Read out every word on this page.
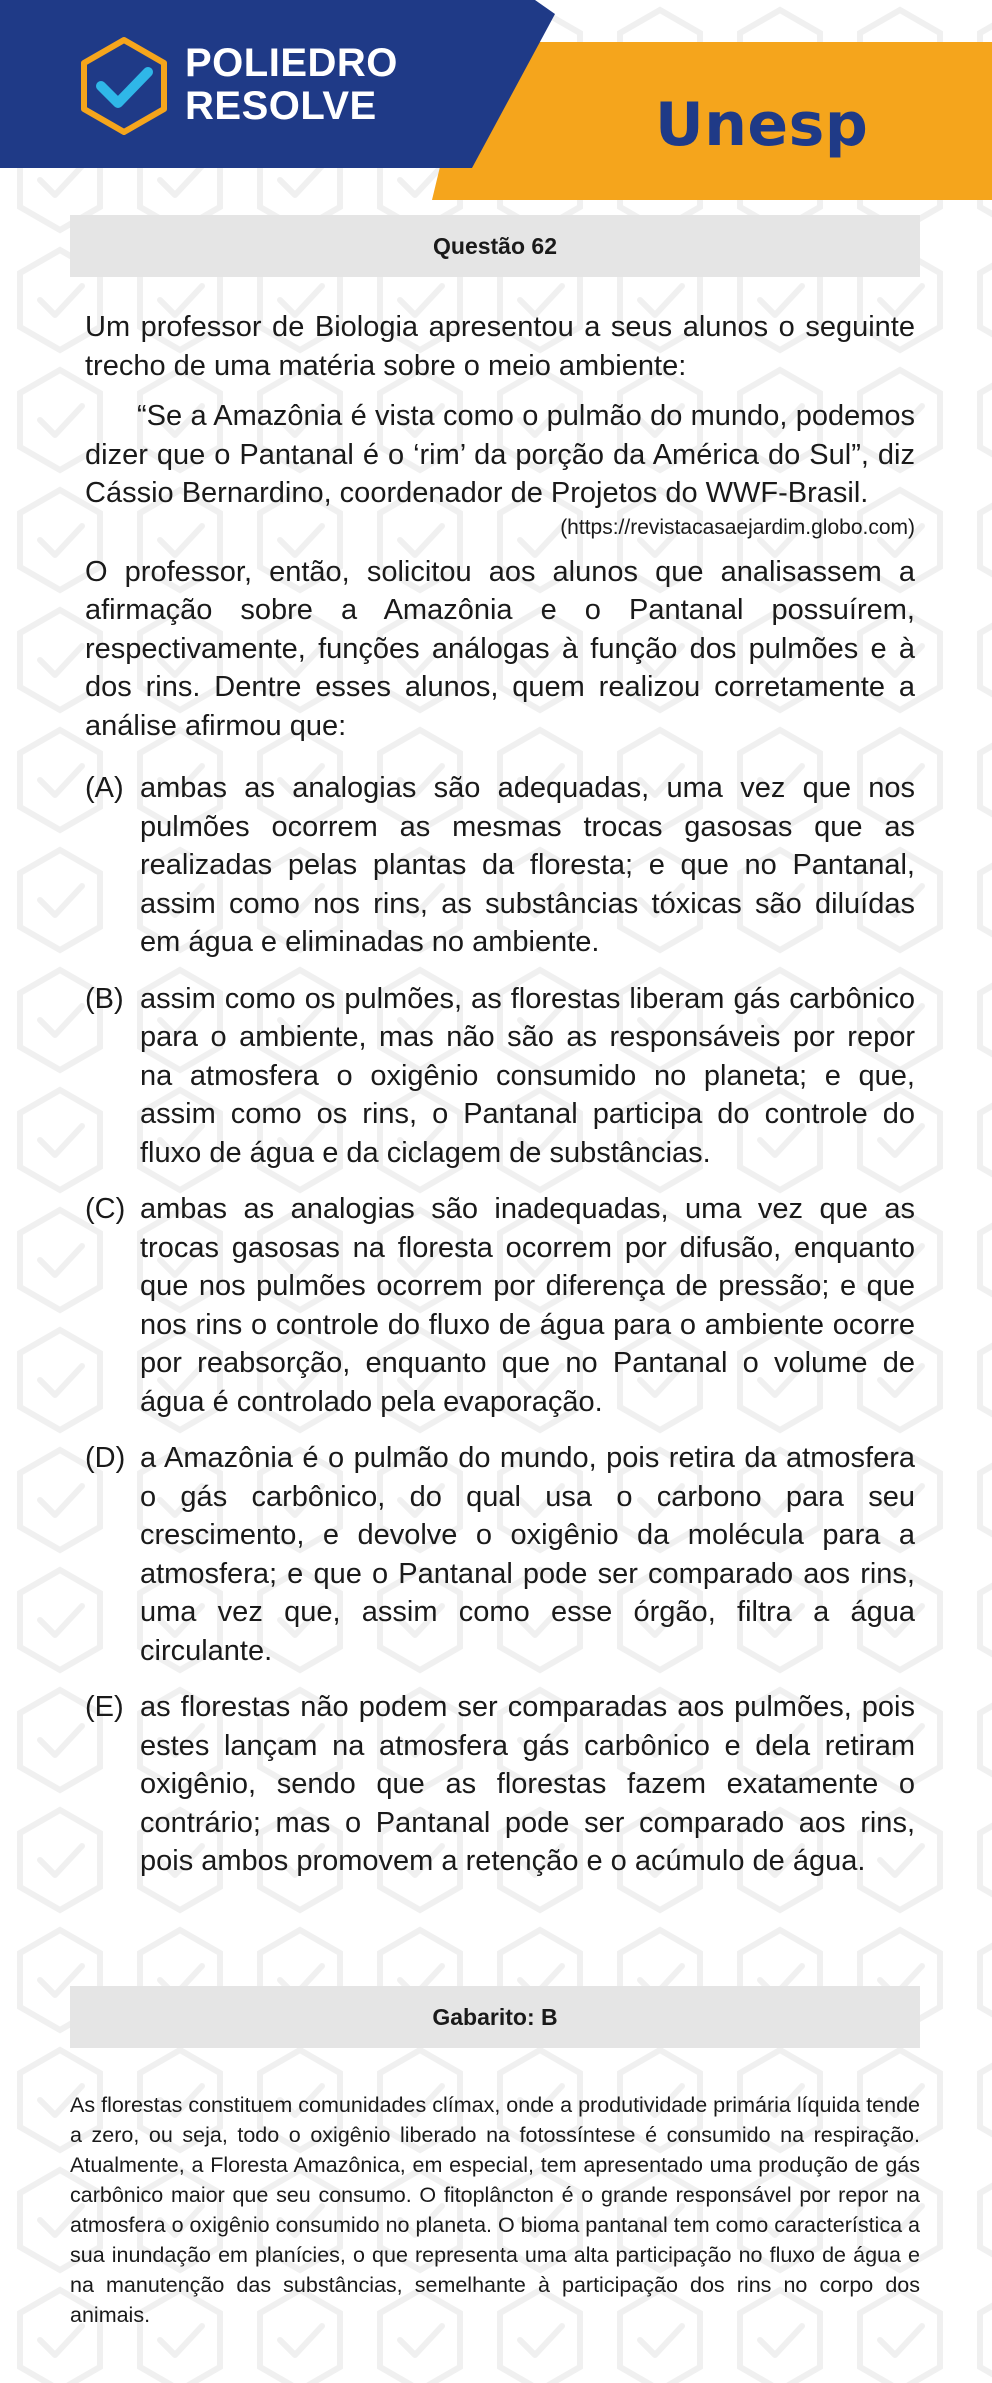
POLIEDRO
RESOLVE	Unesp
Questão 62

Um professor de Biologia apresentou a seus alunos o seguinte trecho de uma matéria sobre o meio ambiente:

“Se a Amazônia é vista como o pulmão do mundo, podemos dizer que o Pantanal é o ‘rim’ da porção da América do Sul”, diz Cássio Bernardino, coordenador de Projetos do WWF-Brasil.

(https://revistacasaejardim.globo.com)

O professor, então, solicitou aos alunos que analisassem a afirmação sobre a Amazônia e o Pantanal possuírem, respectivamente, funções análogas à função dos pulmões e à dos rins. Dentre esses alunos, quem realizou corretamente a análise afirmou que:

(A) ambas as analogias são adequadas, uma vez que nos pulmões ocorrem as mesmas trocas gasosas que as realizadas pelas plantas da floresta; e que no Pantanal, assim como nos rins, as substâncias tóxicas são diluídas em água e eliminadas no ambiente.
(B) assim como os pulmões, as florestas liberam gás carbônico para o ambiente, mas não são as responsáveis por repor na atmosfera o oxigênio consumido no planeta; e que, assim como os rins, o Pantanal participa do controle do fluxo de água e da ciclagem de substâncias.
(C) ambas as analogias são inadequadas, uma vez que as trocas gasosas na floresta ocorrem por difusão, enquanto que nos pulmões ocorrem por diferença de pressão; e que nos rins o controle do fluxo de água para o ambiente ocorre por reabsorção, enquanto que no Pantanal o volume de água é controlado pela evaporação.
(D) a Amazônia é o pulmão do mundo, pois retira da atmosfera o gás carbônico, do qual usa o carbono para seu crescimento, e devolve o oxigênio da molécula para a atmosfera; e que o Pantanal pode ser comparado aos rins, uma vez que, assim como esse órgão, filtra a água circulante.
(E) as florestas não podem ser comparadas aos pulmões, pois estes lançam na atmosfera gás carbônico e dela retiram oxigênio, sendo que as florestas fazem exatamente o contrário; mas o Pantanal pode ser comparado aos rins, pois ambos promovem a retenção e o acúmulo de água.
Gabarito: B

As florestas constituem comunidades clímax, onde a produtividade primária líquida tende a zero, ou seja, todo o oxigênio liberado na fotossíntese é consumido na respiração. Atualmente, a Floresta Amazônica, em especial, tem apresentado uma produção de gás carbônico maior que seu consumo. O fitoplâncton é o grande responsável por repor na atmosfera o oxigênio consumido no planeta. O bioma pantanal tem como característica a sua inundação em planícies, o que representa uma alta participação no fluxo de água e na manutenção das substâncias, semelhante à participação dos rins no corpo dos animais.
